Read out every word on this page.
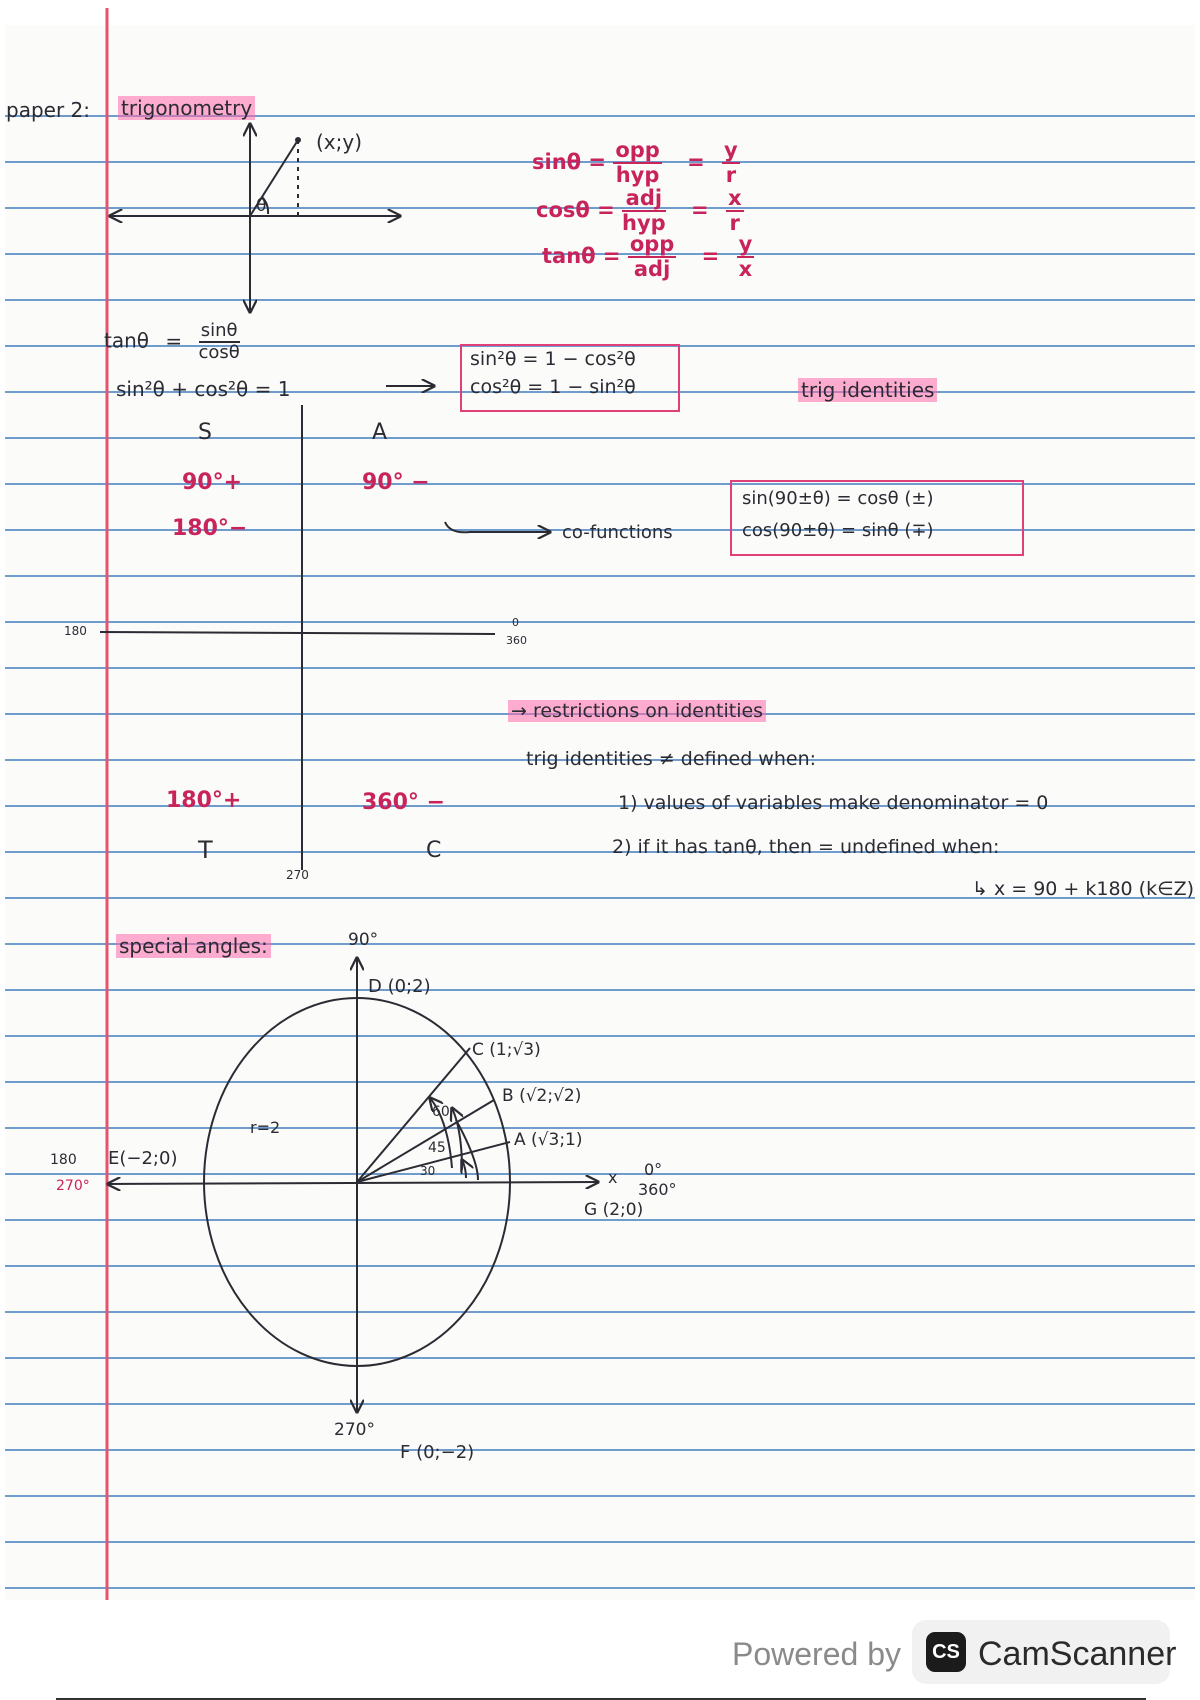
paper 2: trigonometry
$\sin\theta = \frac{\text{opp}}{\text{hyp}} = \frac{y}{r}$
$\cos\theta = \frac{\text{adj}}{\text{hyp}} = \frac{x}{r}$
$\tan\theta = \frac{\text{opp}}{\text{adj}} = \frac{y}{x}$
(x;y)
θ
$\tan\theta = \frac{\sin\theta}{\cos\theta}$
sin²θ + cos²θ = 1
sin²θ = 1 − cos²θ
cos²θ = 1 − sin²θ	trig identities
S	A
90°+
180°−
90° −
180°+	360° −
T	C
180
0
360
270
co-functions
sin(90±θ) = cosθ (±)
cos(90±θ) = sinθ (∓)
→ restrictions on identities
trig identities ≠ defined when:
1) values of variables make denominator = 0
2) if it has tanθ, then = undefined when:
↳ x = 90 + k180 (k∈Z)
special angles:	90°
270°
180
270°
0°
360°
x
D (0;2)
C (1;√3)
B (√2;√2)
A (√3;1)
E(−2;0)
G (2;0)
F (0;−2)
r=2
60
45
30
Powered by	CS CamScanner
